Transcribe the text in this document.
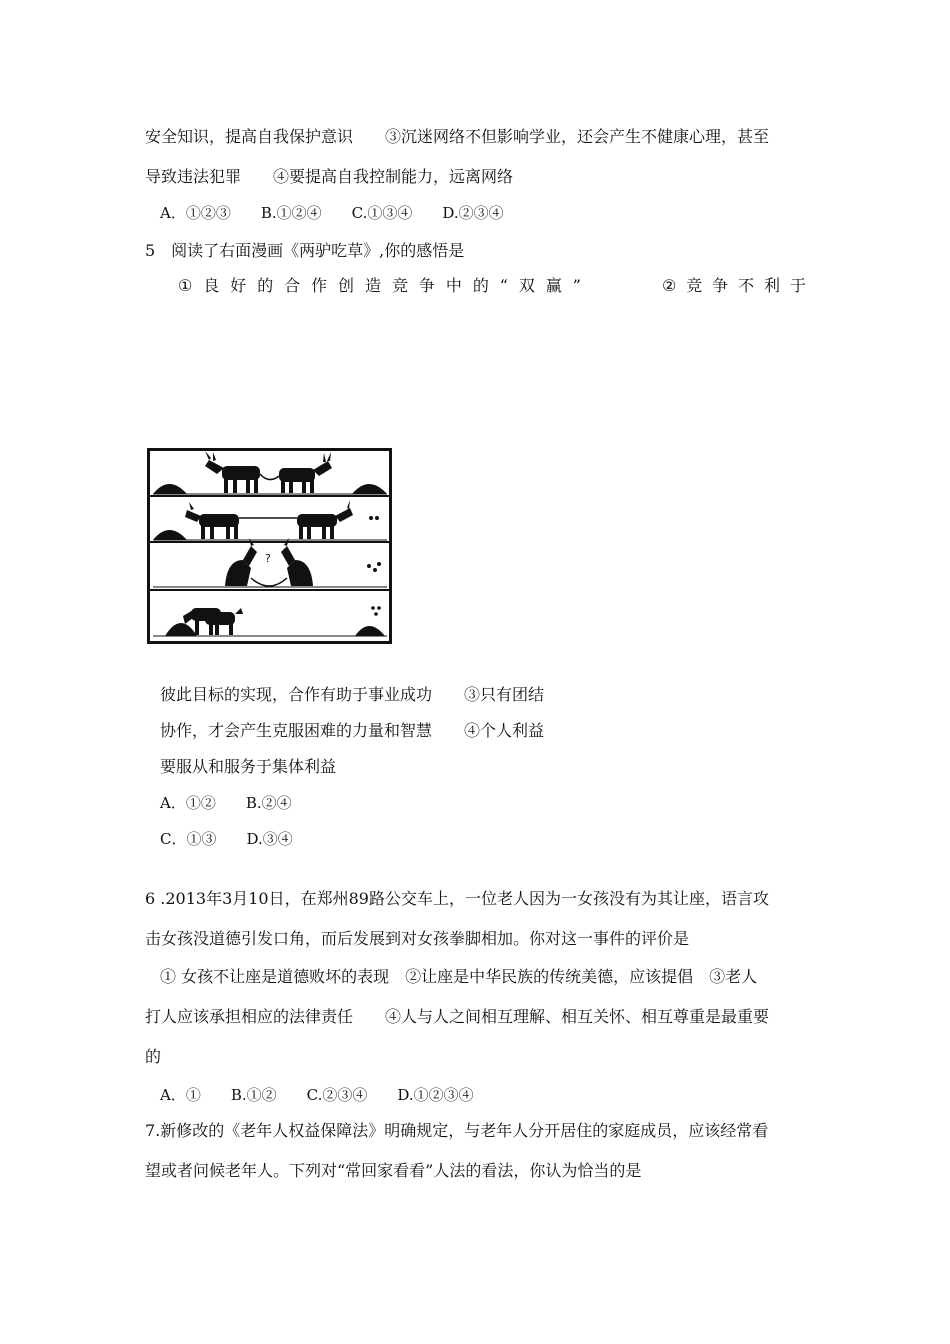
安全知识，提高自我保护意识　　③沉迷网络不但影响学业，还会产生不健康心理，甚至
导致违法犯罪　　④要提高自我控制能力，远离网络
A．①②③　　B.①②④　　C.①③④　　D.②③④
5　阅读了右面漫画《两驴吃草》,你的感悟是
① 良 好 的 合 作 创 造 竞 争 中 的 “ 双 赢 ”	② 竞 争 不 利 于
?
彼此目标的实现，合作有助于事业成功　　③只有团结
协作，才会产生克服困难的力量和智慧　　④个人利益
要服从和服务于集体利益
A．①②　　B.②④
C．①③　　D.③④
6 .2013年3月10日，在郑州89路公交车上，一位老人因为一女孩没有为其让座，语言攻
击女孩没道德引发口角，而后发展到对女孩拳脚相加。你对这一事件的评价是
① 女孩不让座是道德败坏的表现　②让座是中华民族的传统美德，应该提倡　③老人
打人应该承担相应的法律责任　　④人与人之间相互理解、相互关怀、相互尊重是最重要
的
A．①　　B.①②　　C.②③④　　D.①②③④
7.新修改的《老年人权益保障法》明确规定，与老年人分开居住的家庭成员，应该经常看
望或者问候老年人。下列对“常回家看看”人法的看法，你认为恰当的是
